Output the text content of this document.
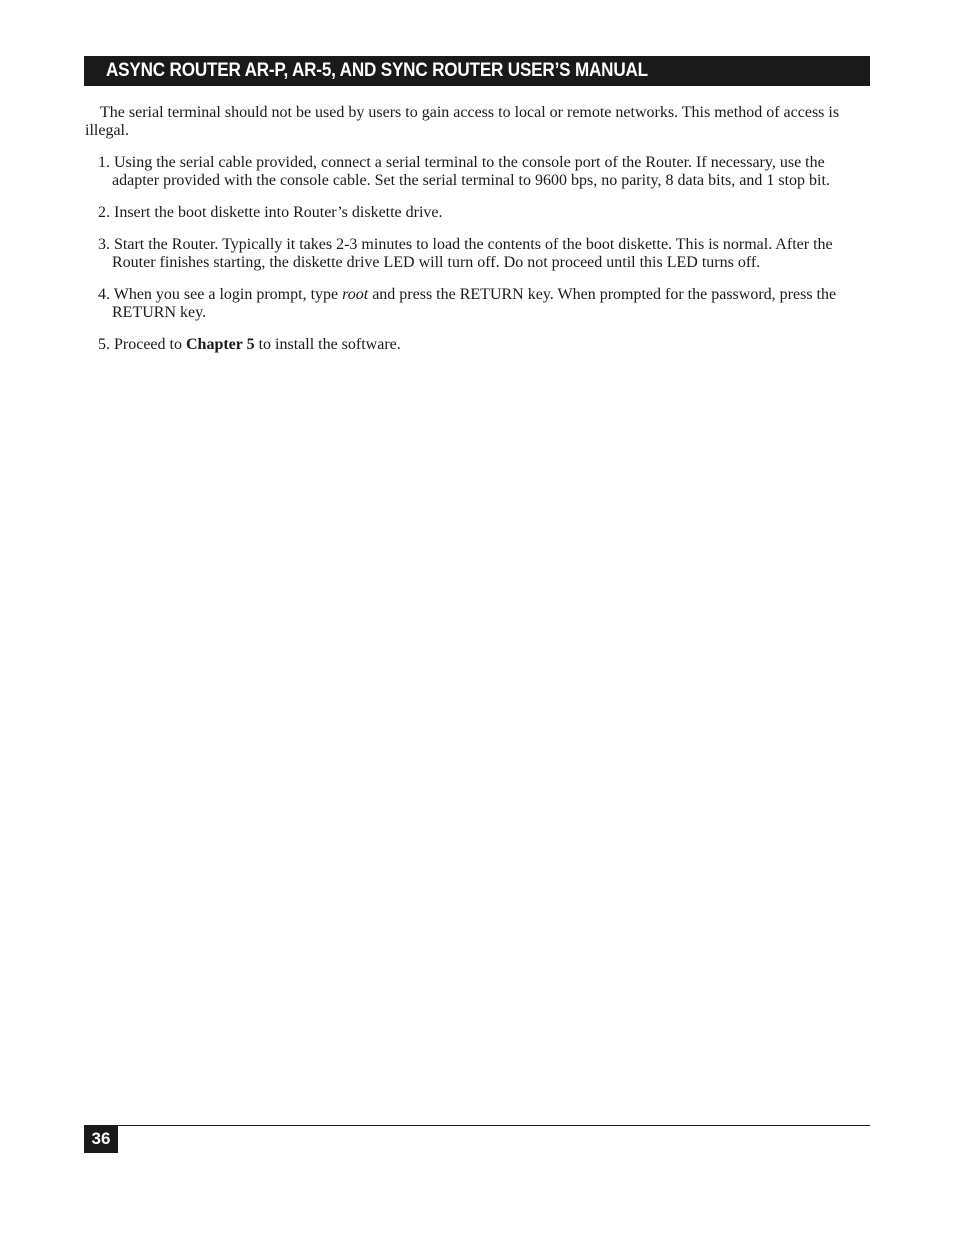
ASYNC ROUTER AR-P, AR-5, AND SYNC ROUTER USER’S MANUAL

The serial terminal should not be used by users to gain access to local or remote networks. This method of access is illegal.

1. Using the serial cable provided, connect a serial terminal to the console port of the Router. If necessary, use the adapter provided with the console cable. Set the serial terminal to 9600 bps, no parity, 8 data bits, and 1 stop bit.
2. Insert the boot diskette into Router’s diskette drive.
3. Start the Router. Typically it takes 2-3 minutes to load the contents of the boot diskette. This is normal. After the Router finishes starting, the diskette drive LED will turn off. Do not proceed until this LED turns off.
4. When you see a login prompt, type root and press the RETURN key. When prompted for the password, press the RETURN key.
5. Proceed to Chapter 5 to install the software.
36
